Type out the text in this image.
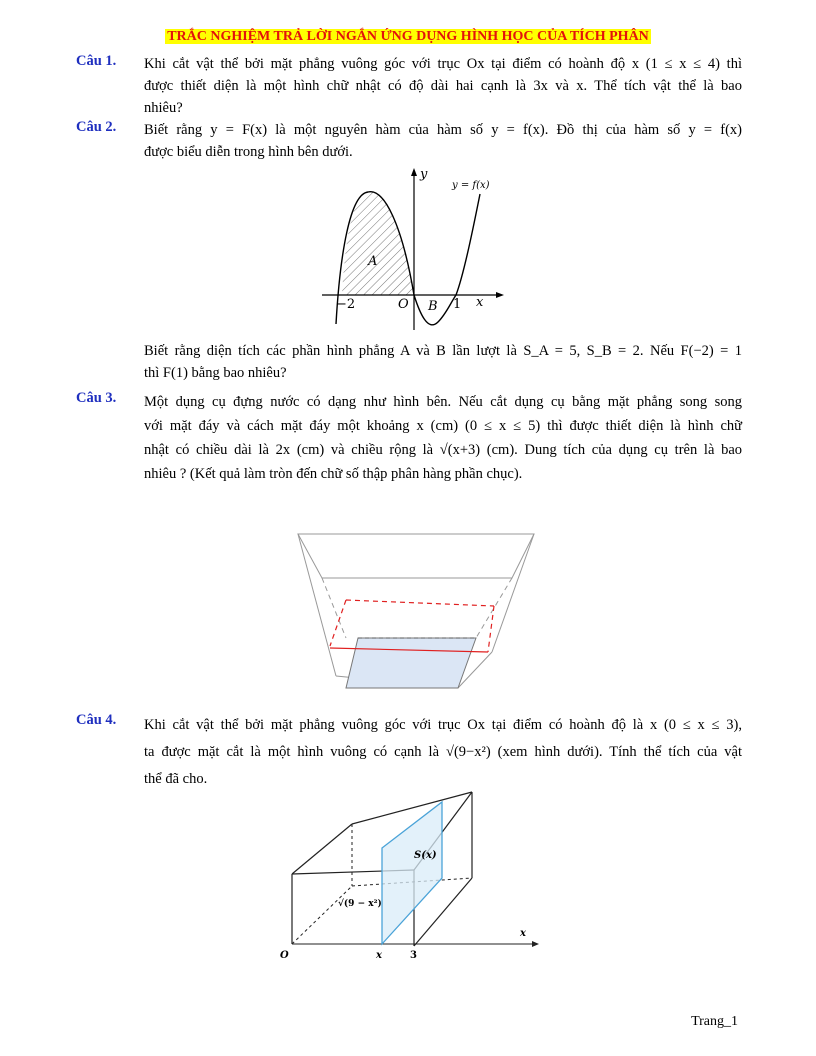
TRẮC NGHIỆM TRẢ LỜI NGẮN ỨNG DỤNG HÌNH HỌC CỦA TÍCH PHÂN
Câu 1. Khi cắt vật thể bởi mặt phẳng vuông góc với trục Ox tại điểm có hoành độ x (1 ≤ x ≤ 4) thì
được thiết diện là một hình chữ nhật có độ dài hai cạnh là 3x và x. Thể tích vật thể là bao
nhiêu?
Câu 2. Biết rằng y = F(x) là một nguyên hàm của hàm số y = f(x). Đồ thị của hàm số y = f(x)
được biểu diễn trong hình bên dưới.
y
y = f(x)
A
−2	O B 1 x
Biết rằng diện tích các phần hình phẳng A và B lần lượt là S_A = 5, S_B = 2. Nếu F(−2) = 1
thì F(1) bằng bao nhiêu?
Câu 3. Một dụng cụ đựng nước có dạng như hình bên. Nếu cắt dụng cụ bằng mặt phẳng song song
với mặt đáy và cách mặt đáy một khoảng x (cm) (0 ≤ x ≤ 5) thì được thiết diện là hình chữ
nhật có chiều dài là 2x (cm) và chiều rộng là √(x+3) (cm). Dung tích của dụng cụ trên là bao
nhiêu ? (Kết quả làm tròn đến chữ số thập phân hàng phần chục).
Câu 4. Khi cắt vật thể bởi mặt phẳng vuông góc với trục Ox tại điểm có hoành độ là x (0 ≤ x ≤ 3),
ta được mặt cắt là một hình vuông có cạnh là √(9−x²) (xem hình dưới). Tính thể tích của vật
thể đã cho.
S(x)
√(9 − x²)
x
O	x	3
Trang_1
